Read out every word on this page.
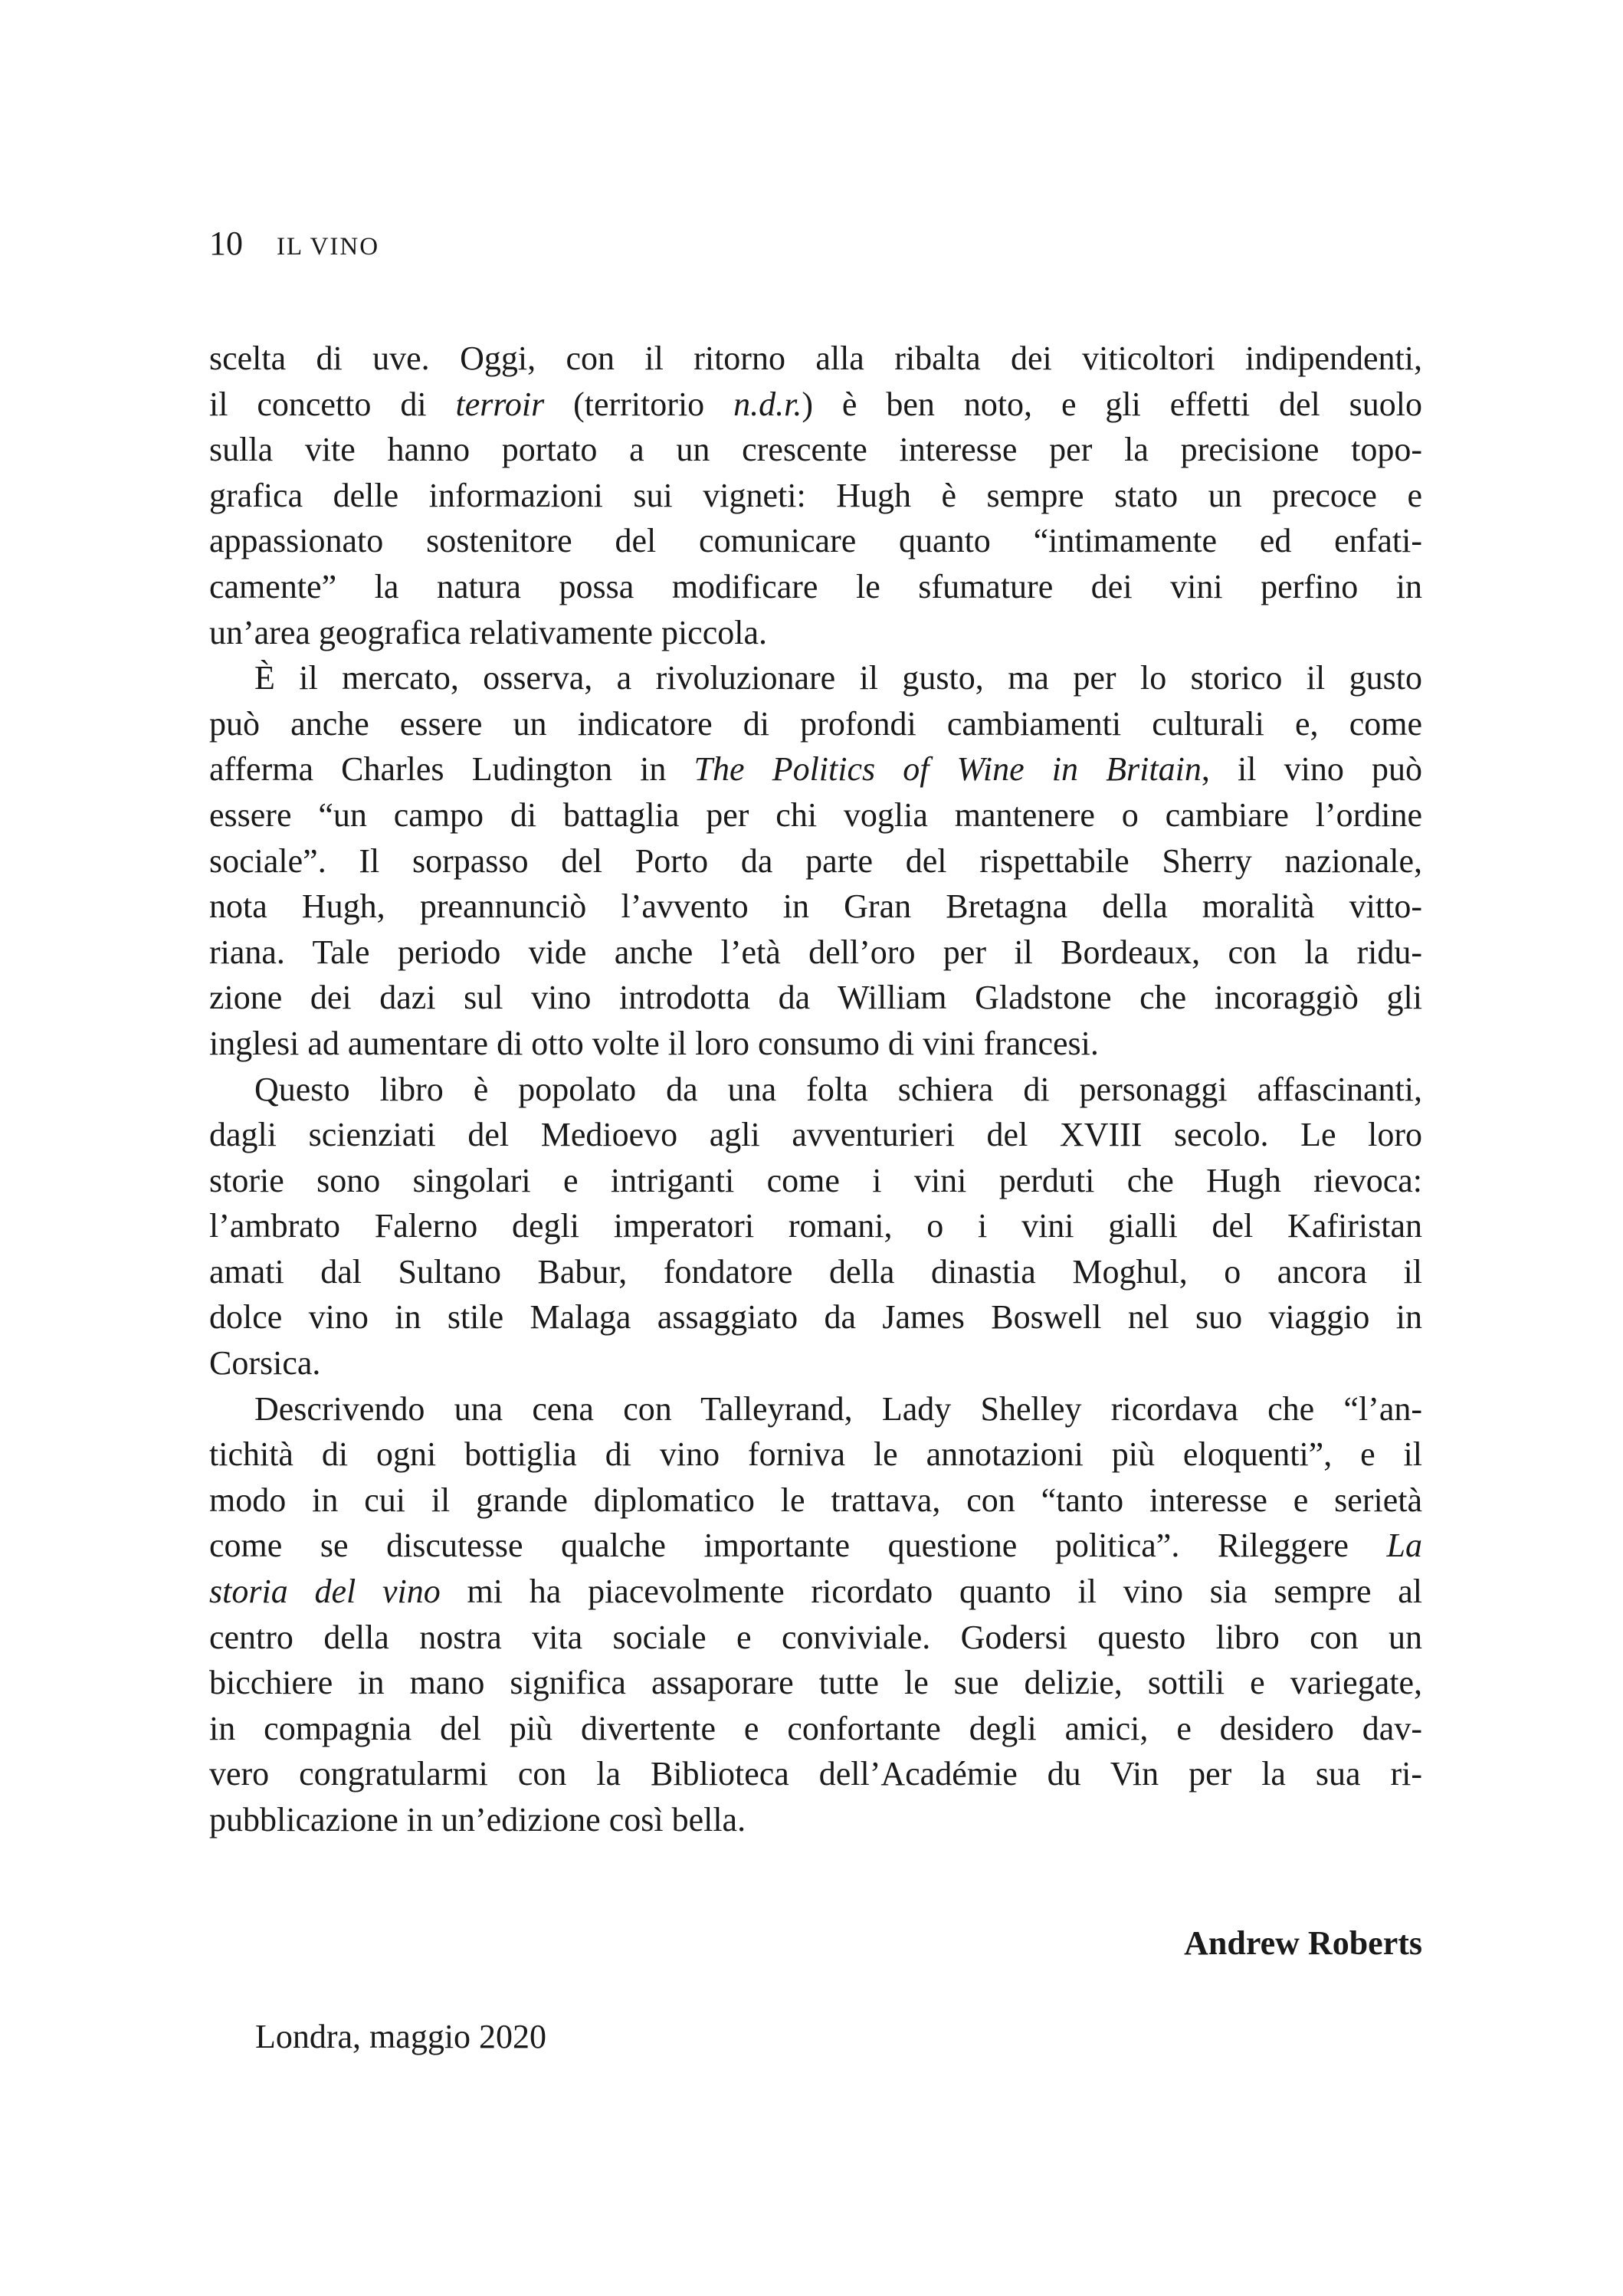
10 IL VINO
scelta di uve. Oggi, con il ritorno alla ribalta dei viticoltori indipendenti,
il concetto di terroir (territorio n.d.r.) è ben noto, e gli effetti del suolo
sulla vite hanno portato a un crescente interesse per la precisione topo-
grafica delle informazioni sui vigneti: Hugh è sempre stato un precoce e
appassionato sostenitore del comunicare quanto “intimamente ed enfati-
camente” la natura possa modificare le sfumature dei vini perfino in
un’area geografica relativamente piccola.
È il mercato, osserva, a rivoluzionare il gusto, ma per lo storico il gusto
può anche essere un indicatore di profondi cambiamenti culturali e, come
afferma Charles Ludington in The Politics of Wine in Britain, il vino può
essere “un campo di battaglia per chi voglia mantenere o cambiare l’ordine
sociale”. Il sorpasso del Porto da parte del rispettabile Sherry nazionale,
nota Hugh, preannunciò l’avvento in Gran Bretagna della moralità vitto-
riana. Tale periodo vide anche l’età dell’oro per il Bordeaux, con la ridu-
zione dei dazi sul vino introdotta da William Gladstone che incoraggiò gli
inglesi ad aumentare di otto volte il loro consumo di vini francesi.
Questo libro è popolato da una folta schiera di personaggi affascinanti,
dagli scienziati del Medioevo agli avventurieri del XVIII secolo. Le loro
storie sono singolari e intriganti come i vini perduti che Hugh rievoca:
l’ambrato Falerno degli imperatori romani, o i vini gialli del Kafiristan
amati dal Sultano Babur, fondatore della dinastia Moghul, o ancora il
dolce vino in stile Malaga assaggiato da James Boswell nel suo viaggio in
Corsica.
Descrivendo una cena con Talleyrand, Lady Shelley ricordava che “l’an-
tichità di ogni bottiglia di vino forniva le annotazioni più eloquenti”, e il
modo in cui il grande diplomatico le trattava, con “tanto interesse e serietà
come se discutesse qualche importante questione politica”. Rileggere La
storia del vino mi ha piacevolmente ricordato quanto il vino sia sempre al
centro della nostra vita sociale e conviviale. Godersi questo libro con un
bicchiere in mano significa assaporare tutte le sue delizie, sottili e variegate,
in compagnia del più divertente e confortante degli amici, e desidero dav-
vero congratularmi con la Biblioteca dell’Académie du Vin per la sua ri-
pubblicazione in un’edizione così bella.
Andrew Roberts
Londra, maggio 2020
